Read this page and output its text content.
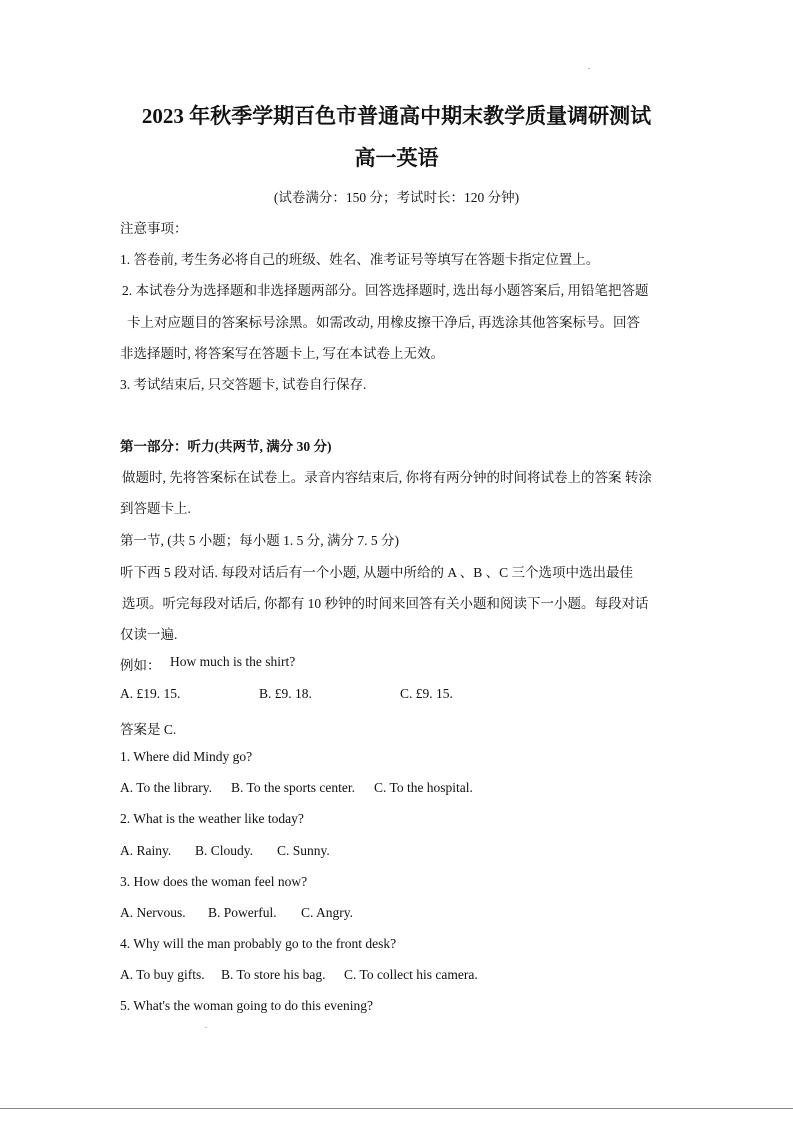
2023 年秋季学期百色市普通高中期末教学质量调研测试
高一英语
(试卷满分：150 分；考试时长：120 分钟)
注意事项：
1. 答卷前, 考生务必将自己的班级、姓名、准考证号等填写在答题卡指定位置上。
2. 本试卷分为选择题和非选择题两部分。回答选择题时, 选出每小题答案后, 用铅笔把答题
卡上对应题目的答案标号涂黑。如需改动, 用橡皮擦干净后, 再选涂其他答案标号。回答
非选择题时, 将答案写在答题卡上, 写在本试卷上无效。
3. 考试结束后, 只交答题卡, 试卷自行保存.
第一部分：听力(共两节, 满分 30 分)
做题时, 先将答案标在试卷上。录音内容结束后, 你将有两分钟的时间将试卷上的答案 转涂
到答题卡上.
第一节, (共 5 小题；每小题 1. 5 分, 满分 7. 5 分)
听下西 5 段对话. 每段对话后有一个小题, 从题中所给的 A 、B 、C 三个选项中选出最佳
选项。听完每段对话后, 你都有 10 秒钟的时间来回答有关小题和阅读下一小题。每段对话
仅读一遍.
例如： How much is the shirt?
A. £19. 15.	B. £9. 18.	C. £9. 15.
答案是 C.
1. Where did Mindy go?
A. To the library. B. To the sports center. C. To the hospital.
2. What is the weather like today?
A. Rainy. B. Cloudy. C. Sunny.
3. How does the woman feel now?
A. Nervous. B. Powerful. C. Angry.
4. Why will the man probably go to the front desk?
A. To buy gifts. B. To store his bag. C. To collect his camera.
5. What's the woman going to do this evening?
